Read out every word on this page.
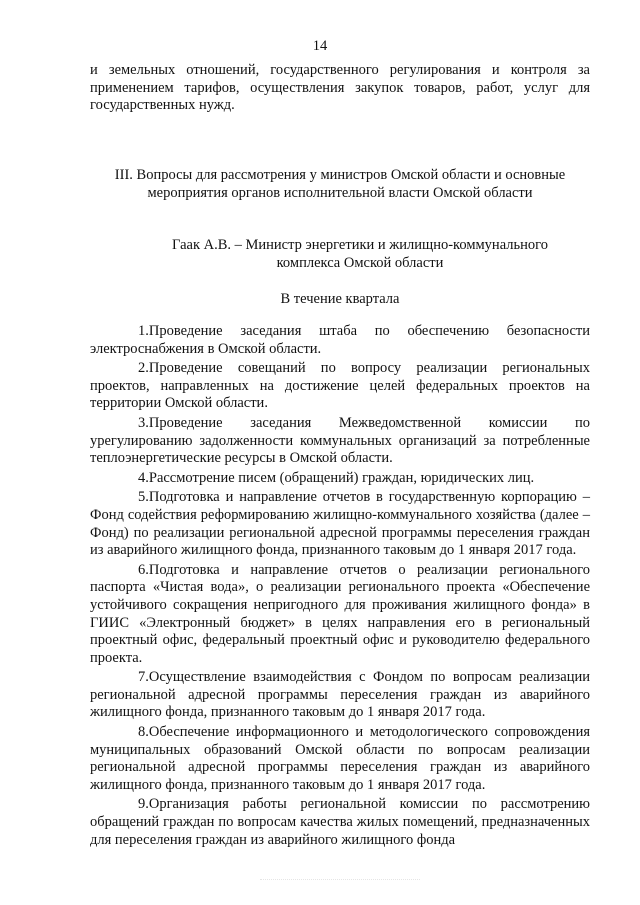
14
и земельных отношений, государственного регулирования и контроля за применением тарифов, осуществления закупок товаров, работ, услуг для государственных нужд.
III. Вопросы для рассмотрения у министров Омской области и основные
мероприятия органов исполнительной власти Омской области
Гаак А.В. – Министр энергетики и жилищно-коммунального
комплекса Омской области
В течение квартала

1.Проведение заседания штаба по обеспечению безопасности электроснабжения в Омской области.

2.Проведение совещаний по вопросу реализации региональных проектов, направленных на достижение целей федеральных проектов на территории Омской области.

3.Проведение заседания Межведомственной комиссии по урегулированию задолженности коммунальных организаций за потребленные теплоэнергетические ресурсы в Омской области.

4.Рассмотрение писем (обращений) граждан, юридических лиц.

5.Подготовка и направление отчетов в государственную корпорацию – Фонд содействия реформированию жилищно-коммунального хозяйства (далее – Фонд) по реализации региональной адресной программы переселения граждан из аварийного жилищного фонда, признанного таковым до 1 января 2017 года.

6.Подготовка и направление отчетов о реализации регионального паспорта «Чистая вода», о реализации регионального проекта «Обеспечение устойчивого сокращения непригодного для проживания жилищного фонда» в ГИИС «Электронный бюджет» в целях направления его в региональный проектный офис, федеральный проектный офис и руководителю федерального проекта.

7.Осуществление взаимодействия с Фондом по вопросам реализации региональной адресной программы переселения граждан из аварийного жилищного фонда, признанного таковым до 1 января 2017 года.

8.Обеспечение информационного и методологического сопровождения муниципальных образований Омской области по вопросам реализации региональной адресной программы переселения граждан из аварийного жилищного фонда, признанного таковым до 1 января 2017 года.

9.Организация работы региональной комиссии по рассмотрению обращений граждан по вопросам качества жилых помещений, предназначенных для переселения граждан из аварийного жилищного фонда
